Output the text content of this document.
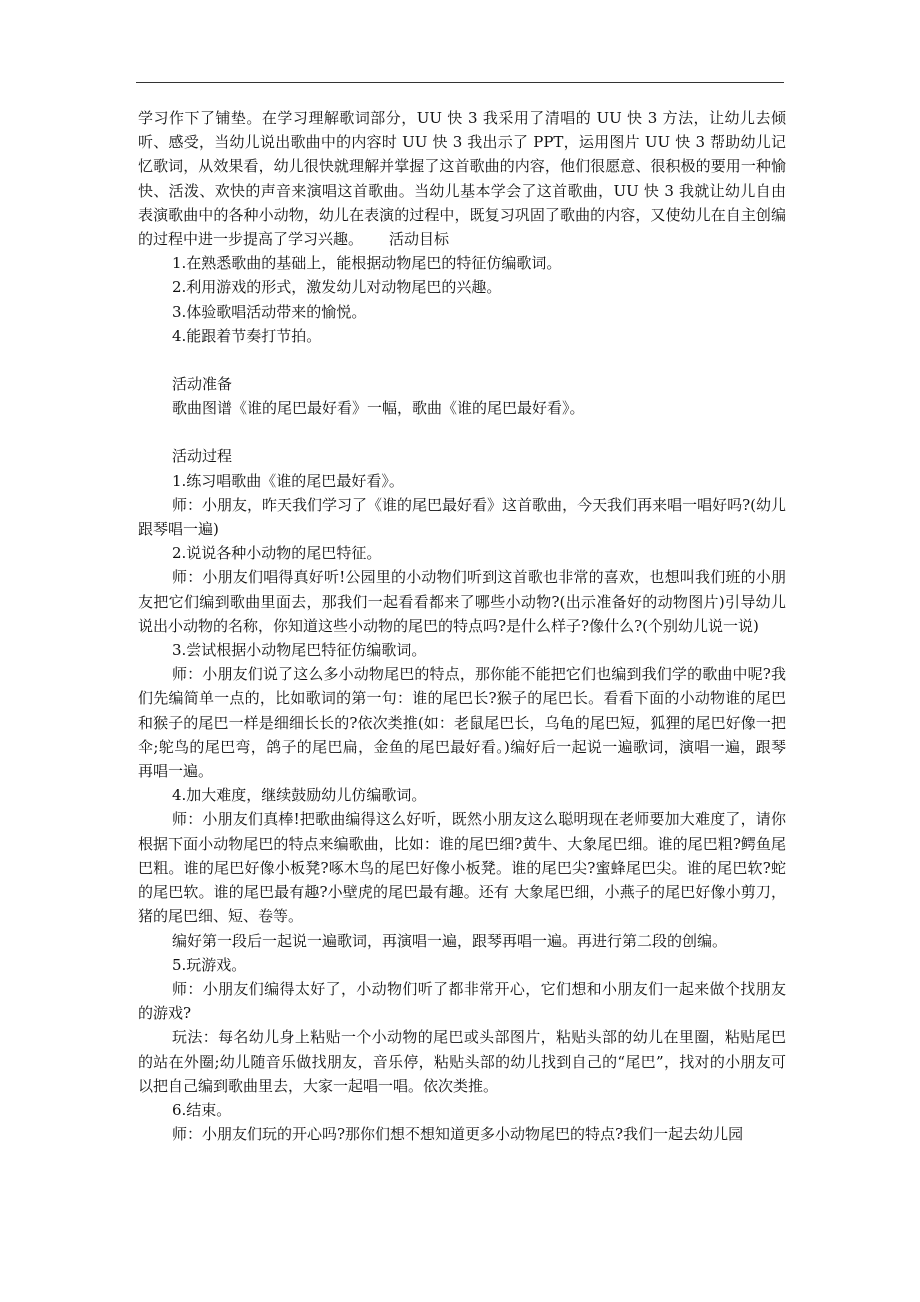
学习作下了铺垫。在学习理解歌词部分，UU 快 3 我采用了清唱的 UU 快 3 方法，让幼儿去倾听、感受，当幼儿说出歌曲中的内容时 UU 快 3 我出示了 PPT，运用图片 UU 快 3 帮助幼儿记忆歌词，从效果看，幼儿很快就理解并掌握了这首歌曲的内容，他们很愿意、很积极的要用一种愉快、活泼、欢快的声音来演唱这首歌曲。当幼儿基本学会了这首歌曲，UU 快 3 我就让幼儿自由表演歌曲中的各种小动物，幼儿在表演的过程中，既复习巩固了歌曲的内容，又使幼儿在自主创编的过程中进一步提高了学习兴趣。 活动目标

1.在熟悉歌曲的基础上，能根据动物尾巴的特征仿编歌词。

2.利用游戏的形式，激发幼儿对动物尾巴的兴趣。

3.体验歌唱活动带来的愉悦。

4.能跟着节奏打节拍。

活动准备

歌曲图谱《谁的尾巴最好看》一幅，歌曲《谁的尾巴最好看》。

活动过程

1.练习唱歌曲《谁的尾巴最好看》。

师：小朋友，昨天我们学习了《谁的尾巴最好看》这首歌曲，今天我们再来唱一唱好吗?(幼儿跟琴唱一遍)

2.说说各种小动物的尾巴特征。

师：小朋友们唱得真好听!公园里的小动物们听到这首歌也非常的喜欢，也想叫我们班的小朋友把它们编到歌曲里面去，那我们一起看看都来了哪些小动物?(出示准备好的动物图片)引导幼儿说出小动物的名称，你知道这些小动物的尾巴的特点吗?是什么样子?像什么?(个别幼儿说一说)

3.尝试根据小动物尾巴特征仿编歌词。

师：小朋友们说了这么多小动物尾巴的特点，那你能不能把它们也编到我们学的歌曲中呢?我们先编简单一点的，比如歌词的第一句：谁的尾巴长?猴子的尾巴长。看看下面的小动物谁的尾巴和猴子的尾巴一样是细细长长的?依次类推(如：老鼠尾巴长，乌龟的尾巴短，狐狸的尾巴好像一把伞;鸵鸟的尾巴弯，鸽子的尾巴扁，金鱼的尾巴最好看。)编好后一起说一遍歌词，演唱一遍，跟琴再唱一遍。

4.加大难度，继续鼓励幼儿仿编歌词。

师：小朋友们真棒!把歌曲编得这么好听，既然小朋友这么聪明现在老师要加大难度了，请你根据下面小动物尾巴的特点来编歌曲，比如：谁的尾巴细?黄牛、大象尾巴细。谁的尾巴粗?鳄鱼尾巴粗。谁的尾巴好像小板凳?啄木鸟的尾巴好像小板凳。谁的尾巴尖?蜜蜂尾巴尖。谁的尾巴软?蛇的尾巴软。谁的尾巴最有趣?小壁虎的尾巴最有趣。还有 大象尾巴细，小燕子的尾巴好像小剪刀，猪的尾巴细、短、卷等。

编好第一段后一起说一遍歌词，再演唱一遍，跟琴再唱一遍。再进行第二段的创编。

5.玩游戏。

师：小朋友们编得太好了，小动物们听了都非常开心，它们想和小朋友们一起来做个找朋友的游戏?

玩法：每名幼儿身上粘贴一个小动物的尾巴或头部图片，粘贴头部的幼儿在里圈，粘贴尾巴的站在外圈;幼儿随音乐做找朋友，音乐停，粘贴头部的幼儿找到自己的“尾巴”，找对的小朋友可以把自己编到歌曲里去，大家一起唱一唱。依次类推。

6.结束。

师：小朋友们玩的开心吗?那你们想不想知道更多小动物尾巴的特点?我们一起去幼儿园
